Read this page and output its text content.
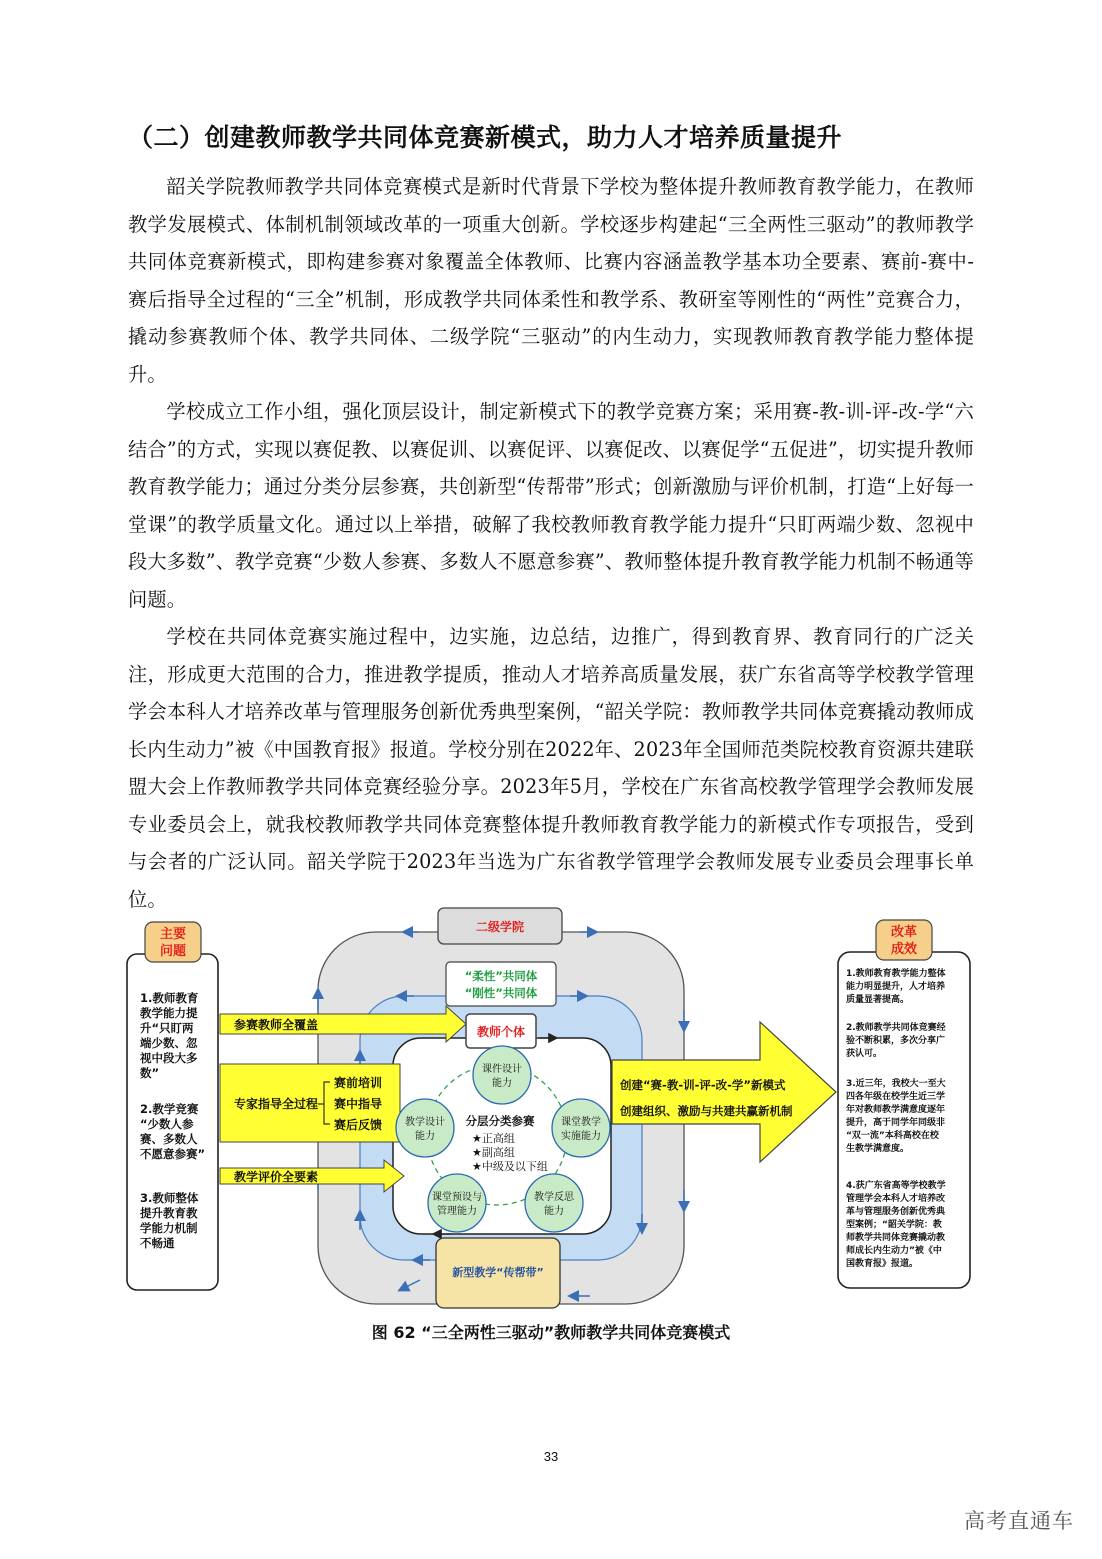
（二）创建教师教学共同体竞赛新模式，助力人才培养质量提升
韶关学院教师教学共同体竞赛模式是新时代背景下学校为整体提升教师教育教学能力，在教师教学发展模式、体制机制领域改革的一项重大创新。学校逐步构建起“三全两性三驱动”的教师教学共同体竞赛新模式，即构建参赛对象覆盖全体教师、比赛内容涵盖教学基本功全要素、赛前-赛中-赛后指导全过程的“三全”机制，形成教学共同体柔性和教学系、教研室等刚性的“两性”竞赛合力，撬动参赛教师个体、教学共同体、二级学院“三驱动”的内生动力，实现教师教育教学能力整体提升。
学校成立工作小组，强化顶层设计，制定新模式下的教学竞赛方案；采用赛-教-训-评-改-学“六结合”的方式，实现以赛促教、以赛促训、以赛促评、以赛促改、以赛促学“五促进”，切实提升教师教育教学能力；通过分类分层参赛，共创新型“传帮带”形式；创新激励与评价机制，打造“上好每一堂课”的教学质量文化。通过以上举措，破解了我校教师教育教学能力提升“只盯两端少数、忽视中段大多数”、教学竞赛“少数人参赛、多数人不愿意参赛”、教师整体提升教育教学能力机制不畅通等问题。
学校在共同体竞赛实施过程中，边实施，边总结，边推广，得到教育界、教育同行的广泛关注，形成更大范围的合力，推进教学提质，推动人才培养高质量发展，获广东省高等学校教学管理学会本科人才培养改革与管理服务创新优秀典型案例，“韶关学院：教师教学共同体竞赛撬动教师成长内生动力”被《中国教育报》报道。学校分别在2022年、2023年全国师范类院校教育资源共建联盟大会上作教师教学共同体竞赛经验分享。2023年5月，学校在广东省高校教学管理学会教师发展专业委员会上，就我校教师教学共同体竞赛整体提升教师教育教学能力的新模式作专项报告，受到与会者的广泛认同。韶关学院于2023年当选为广东省教学管理学会教师发展专业委员会理事长单位。
二级学院
“柔性”共同体
“刚性”共同体
教师个体
新型教学“传帮带”
参赛教师全覆盖
专家指导全过程
赛前培训
赛中指导
赛后反馈
教学评价全要素
创建“赛-教-训-评-改-学”新模式
创建组织、激励与共建共赢新机制
分层分类参赛
★正高组
★副高组
★中级及以下组
课件设计
能力
课堂教学
实施能力
教学反思
能力
课堂预设与
管理能力
教学设计
能力
主要
问题
1.教师教育
教学能力提
升“只盯两
端少数、忽
视中段大多
数”
2.教学竞赛
“少数人参
赛、多数人
不愿意参赛”
3.教师整体
提升教育教
学能力机制
不畅通
改革
成效
1.教师教育教学能力整体
能力明显提升，人才培养
质量显著提高。
2.教师教学共同体竞赛经
验不断积累，多次分享广
获认可。
3.近三年，我校大一至大
四各年级在校学生近三学
年对教师教学满意度逐年
提升，高于同学年同级非
“双一流”本科高校在校
生教学满意度。
4.获广东省高等学校教学
管理学会本科人才培养改
革与管理服务创新优秀典
型案例；“韶关学院：教
师教学共同体竞赛撬动教
师成长内生动力”被《中
国教育报》报道。
图 62 “三全两性三驱动”教师教学共同体竞赛模式
33
高考直通车
